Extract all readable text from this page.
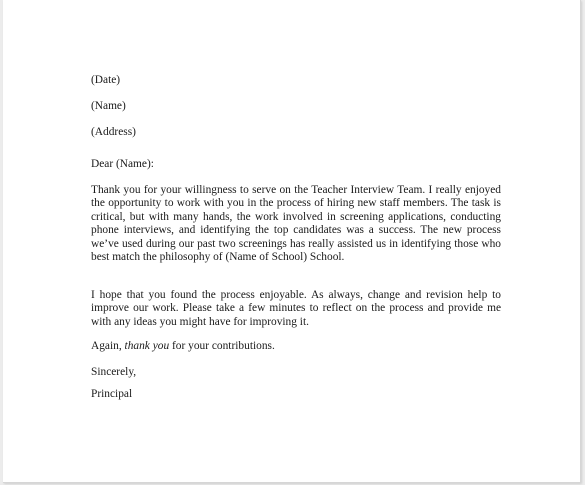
(Date)
(Name)
(Address)
Dear (Name):
Thank you for your willingness to serve on the Teacher Interview Team. I really enjoyed the opportunity to work with you in the process of hiring new staff members. The task is critical, but with many hands, the work involved in screening applications, conducting phone interviews, and identifying the top candidates was a success. The new process we’ve used during our past two screenings has really assisted us in identifying those who best match the philosophy of (Name of School) School.
I hope that you found the process enjoyable. As always, change and revision help to improve our work. Please take a few minutes to reflect on the process and provide me with any ideas you might have for improving it.
Again, thank you for your contributions.
Sincerely,
Principal
